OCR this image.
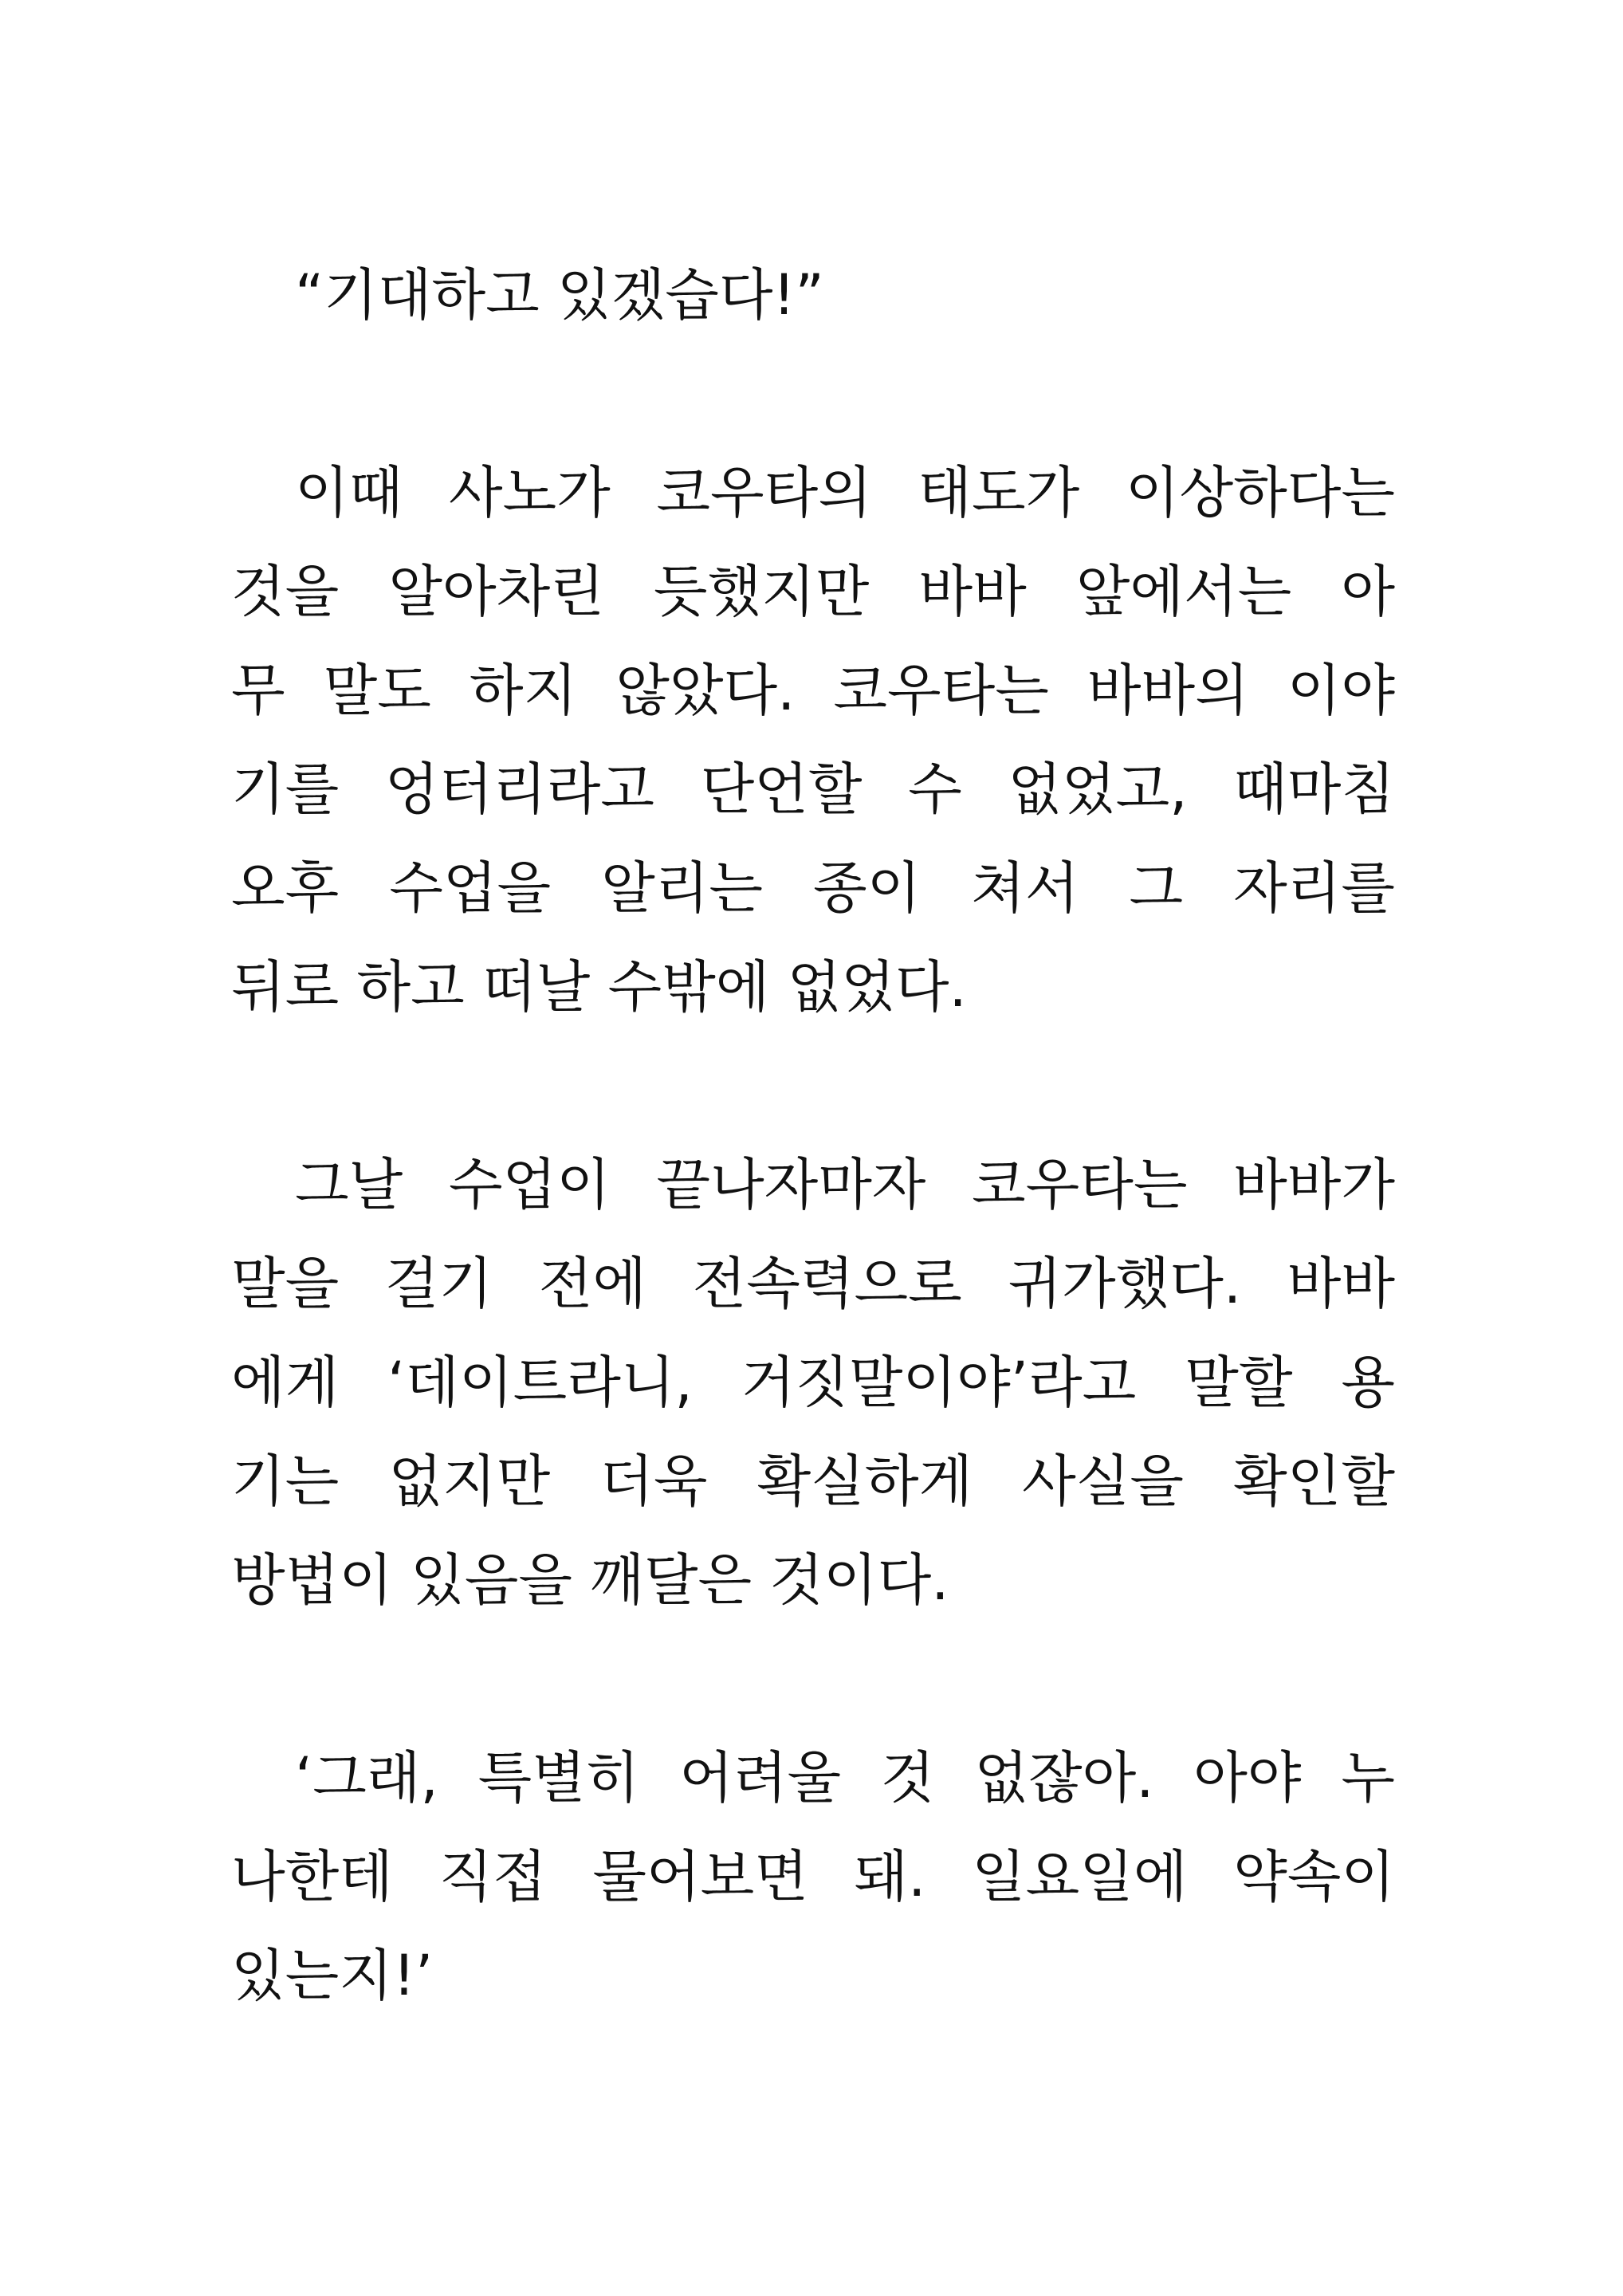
“기대하고 있겠습다!”
이때 사노가 코우타의 태도가 이상하다는
것을 알아차린 듯했지만 바바 앞에서는 아
무 말도 하지 않았다. 코우타는 바바의 이야
기를 엉터리라고 단언할 수 없었고, 때마침
오후 수업을 알리는 종이 쳐서 그 자리를
뒤로 하고 떠날 수밖에 없었다.
그날 수업이 끝나자마자 코우타는 바바가
말을 걸기 전에 전속력으로 귀가했다. 바바
에게 ‘데이트라니, 거짓말이야’라고 말할 용
기는 없지만 더욱 확실하게 사실을 확인할
방법이 있음을 깨달은 것이다.
‘그래, 특별히 어려울 것 없잖아. 아야 누
나한테 직접 물어보면 돼. 일요일에 약속이
있는지!’
